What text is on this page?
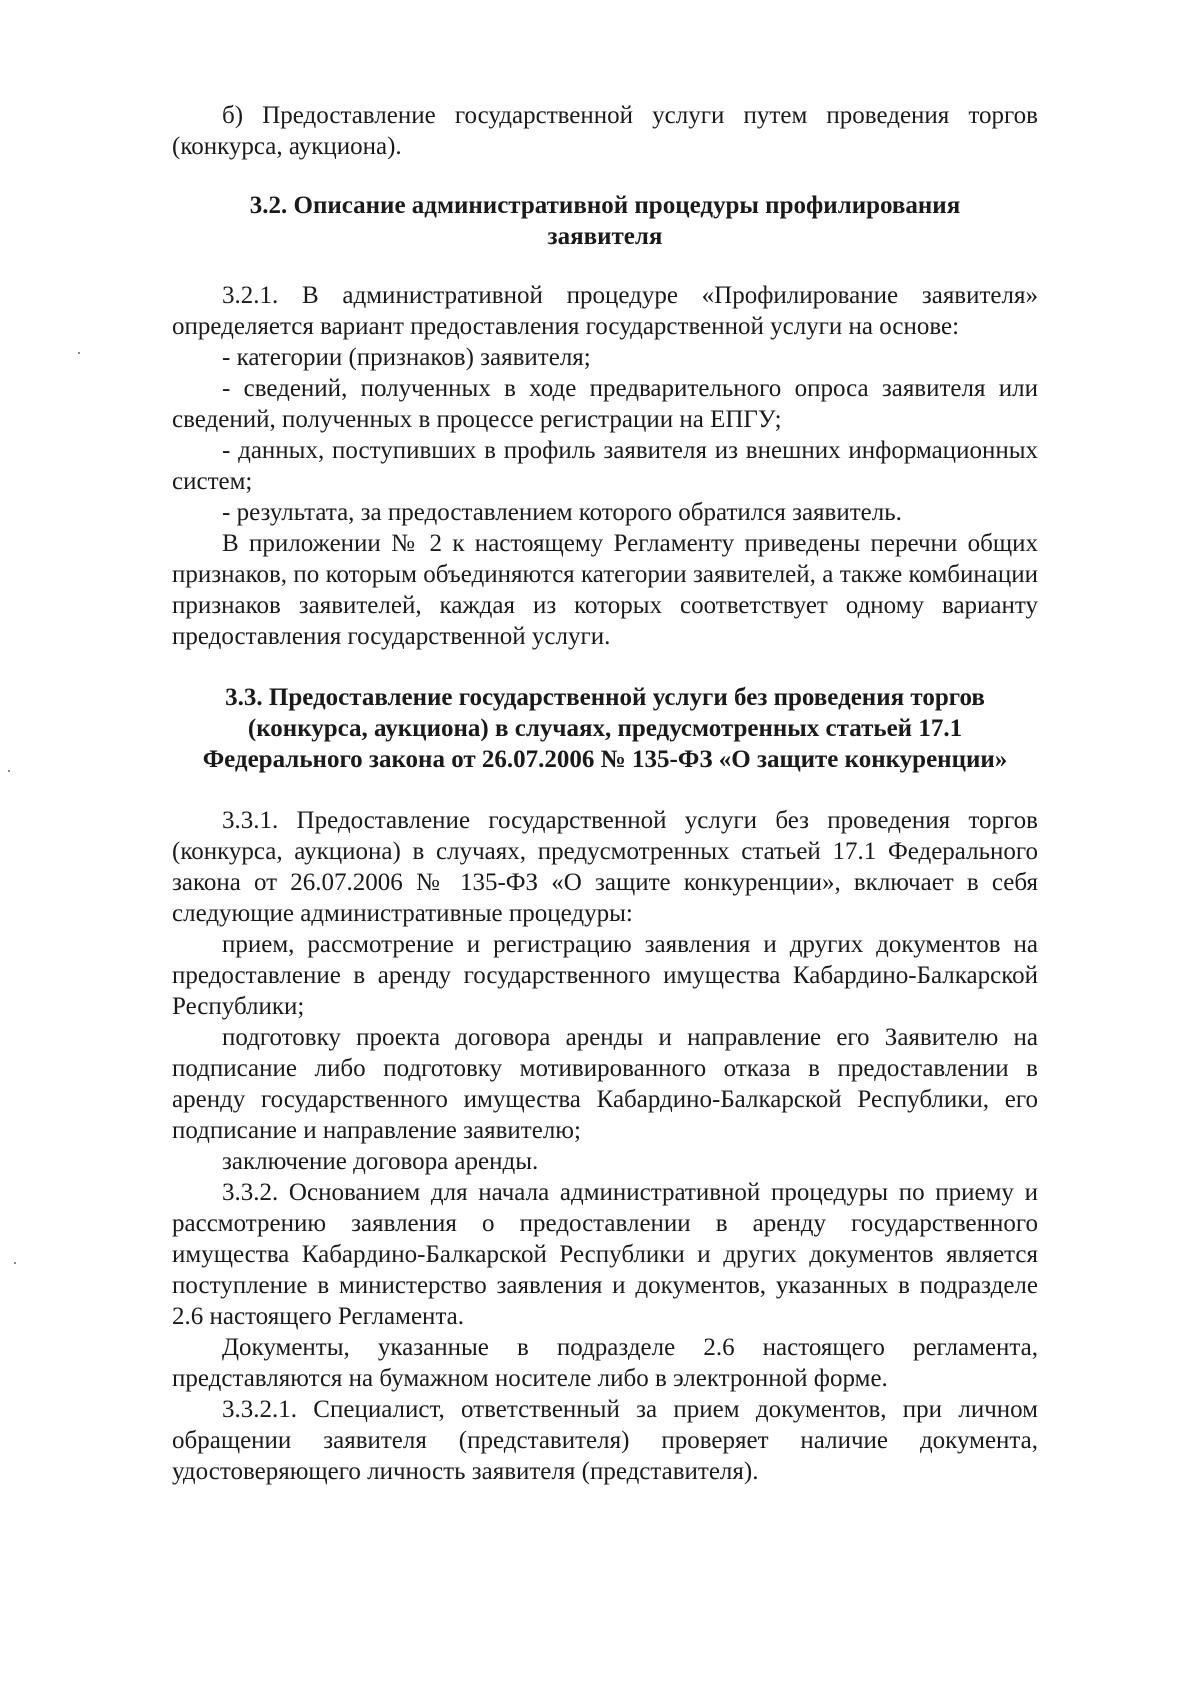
б) Предоставление государственной услуги путем проведения торгов (конкурса, аукциона).

3.2. Описание административной процедуры профилирования заявителя

3.2.1. В административной процедуре «Профилирование заявителя» определяется вариант предоставления государственной услуги на основе:

- категории (признаков) заявителя;

- сведений, полученных в ходе предварительного опроса заявителя или сведений, полученных в процессе регистрации на ЕПГУ;

- данных, поступивших в профиль заявителя из внешних информационных систем;

- результата, за предоставлением которого обратился заявитель.

В приложении № 2 к настоящему Регламенту приведены перечни общих признаков, по которым объединяются категории заявителей, а также комбинации признаков заявителей, каждая из которых соответствует одному варианту предоставления государственной услуги.

3.3. Предоставление государственной услуги без проведения торгов (конкурса, аукциона) в случаях, предусмотренных статьей 17.1 Федерального закона от 26.07.2006 № 135-ФЗ «О защите конкуренции»

3.3.1. Предоставление государственной услуги без проведения торгов (конкурса, аукциона) в случаях, предусмотренных статьей 17.1 Федерального закона от 26.07.2006 № 135-ФЗ «О защите конкуренции», включает в себя следующие административные процедуры:

прием, рассмотрение и регистрацию заявления и других документов на предоставление в аренду государственного имущества Кабардино-Балкарской Республики;

подготовку проекта договора аренды и направление его Заявителю на подписание либо подготовку мотивированного отказа в предоставлении в аренду государственного имущества Кабардино-Балкарской Республики, его подписание и направление заявителю;

заключение договора аренды.

3.3.2. Основанием для начала административной процедуры по приему и рассмотрению заявления о предоставлении в аренду государственного имущества Кабардино-Балкарской Республики и других документов является поступление в министерство заявления и документов, указанных в подразделе 2.6 настоящего Регламента.

Документы, указанные в подразделе 2.6 настоящего регламента, представляются на бумажном носителе либо в электронной форме.

3.3.2.1. Специалист, ответственный за прием документов, при личном обращении заявителя (представителя) проверяет наличие документа, удостоверяющего личность заявителя (представителя).
